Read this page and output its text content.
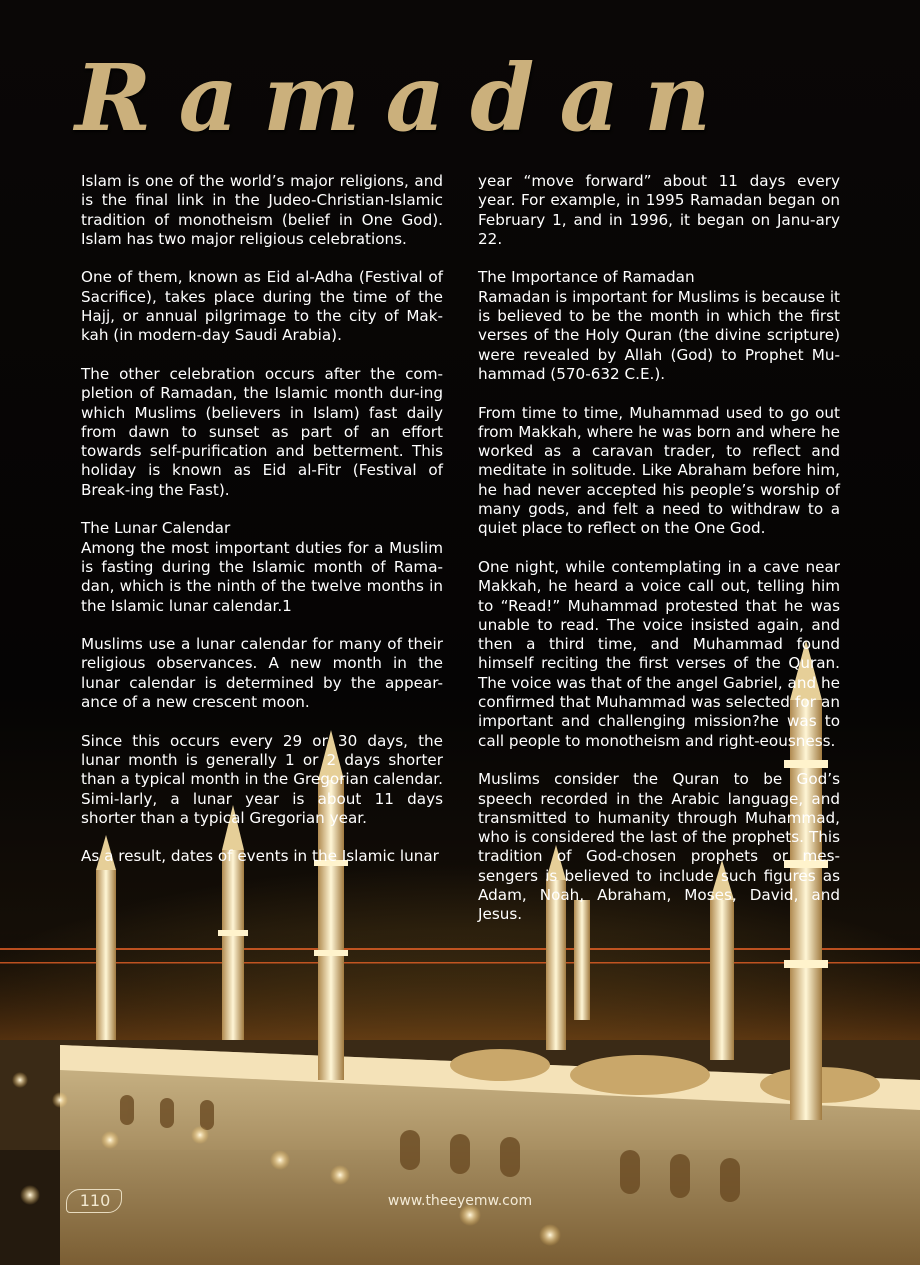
Ramadan

Islam is one of the world’s major religions, and is the final link in the Judeo-Christian-Islamic tradition of monotheism (belief in One God). Islam has two major religious celebrations.

One of them, known as Eid al-Adha (Festival of Sacrifice), takes place during the time of the Hajj, or annual pilgrimage to the city of Mak-kah (in modern-day Saudi Arabia).

The other celebration occurs after the com-pletion of Ramadan, the Islamic month dur-ing which Muslims (believers in Islam) fast daily from dawn to sunset as part of an effort towards self-purification and betterment. This holiday is known as Eid al-Fitr (Festival of Break-ing the Fast).

The Lunar Calendar
Among the most important duties for a Muslim is fasting during the Islamic month of Rama-dan, which is the ninth of the twelve months in the Islamic lunar calendar.1

Muslims use a lunar calendar for many of their religious observances. A new month in the lunar calendar is determined by the appear-ance of a new crescent moon.

Since this occurs every 29 or 30 days, the lunar month is generally 1 or 2 days shorter than a typical month in the Gregorian calendar. Simi-larly, a lunar year is about 11 days shorter than a typical Gregorian year.

As a result, dates of events in the Islamic lunar

year “move forward” about 11 days every year. For example, in 1995 Ramadan began on February 1, and in 1996, it began on Janu-ary 22.

The Importance of Ramadan
Ramadan is important for Muslims is because it is believed to be the month in which the first verses of the Holy Quran (the divine scripture) were revealed by Allah (God) to Prophet Mu-hammad (570-632 C.E.).

From time to time, Muhammad used to go out from Makkah, where he was born and where he worked as a caravan trader, to reflect and meditate in solitude. Like Abraham before him, he had never accepted his people’s worship of many gods, and felt a need to withdraw to a quiet place to reflect on the One God.

One night, while contemplating in a cave near Makkah, he heard a voice call out, telling him to “Read!” Muhammad protested that he was unable to read. The voice insisted again, and then a third time, and Muhammad found himself reciting the first verses of the Quran. The voice was that of the angel Gabriel, and he confirmed that Muhammad was selected for an important and challenging mission?he was to call people to monotheism and right-eousness.

Muslims consider the Quran to be God’s speech recorded in the Arabic language, and transmitted to humanity through Muhammad, who is considered the last of the prophets. This tradition of God-chosen prophets or mes-sengers is believed to include such figures as Adam, Noah, Abraham, Moses, David, and Jesus.

110	www.theeyemw.com
